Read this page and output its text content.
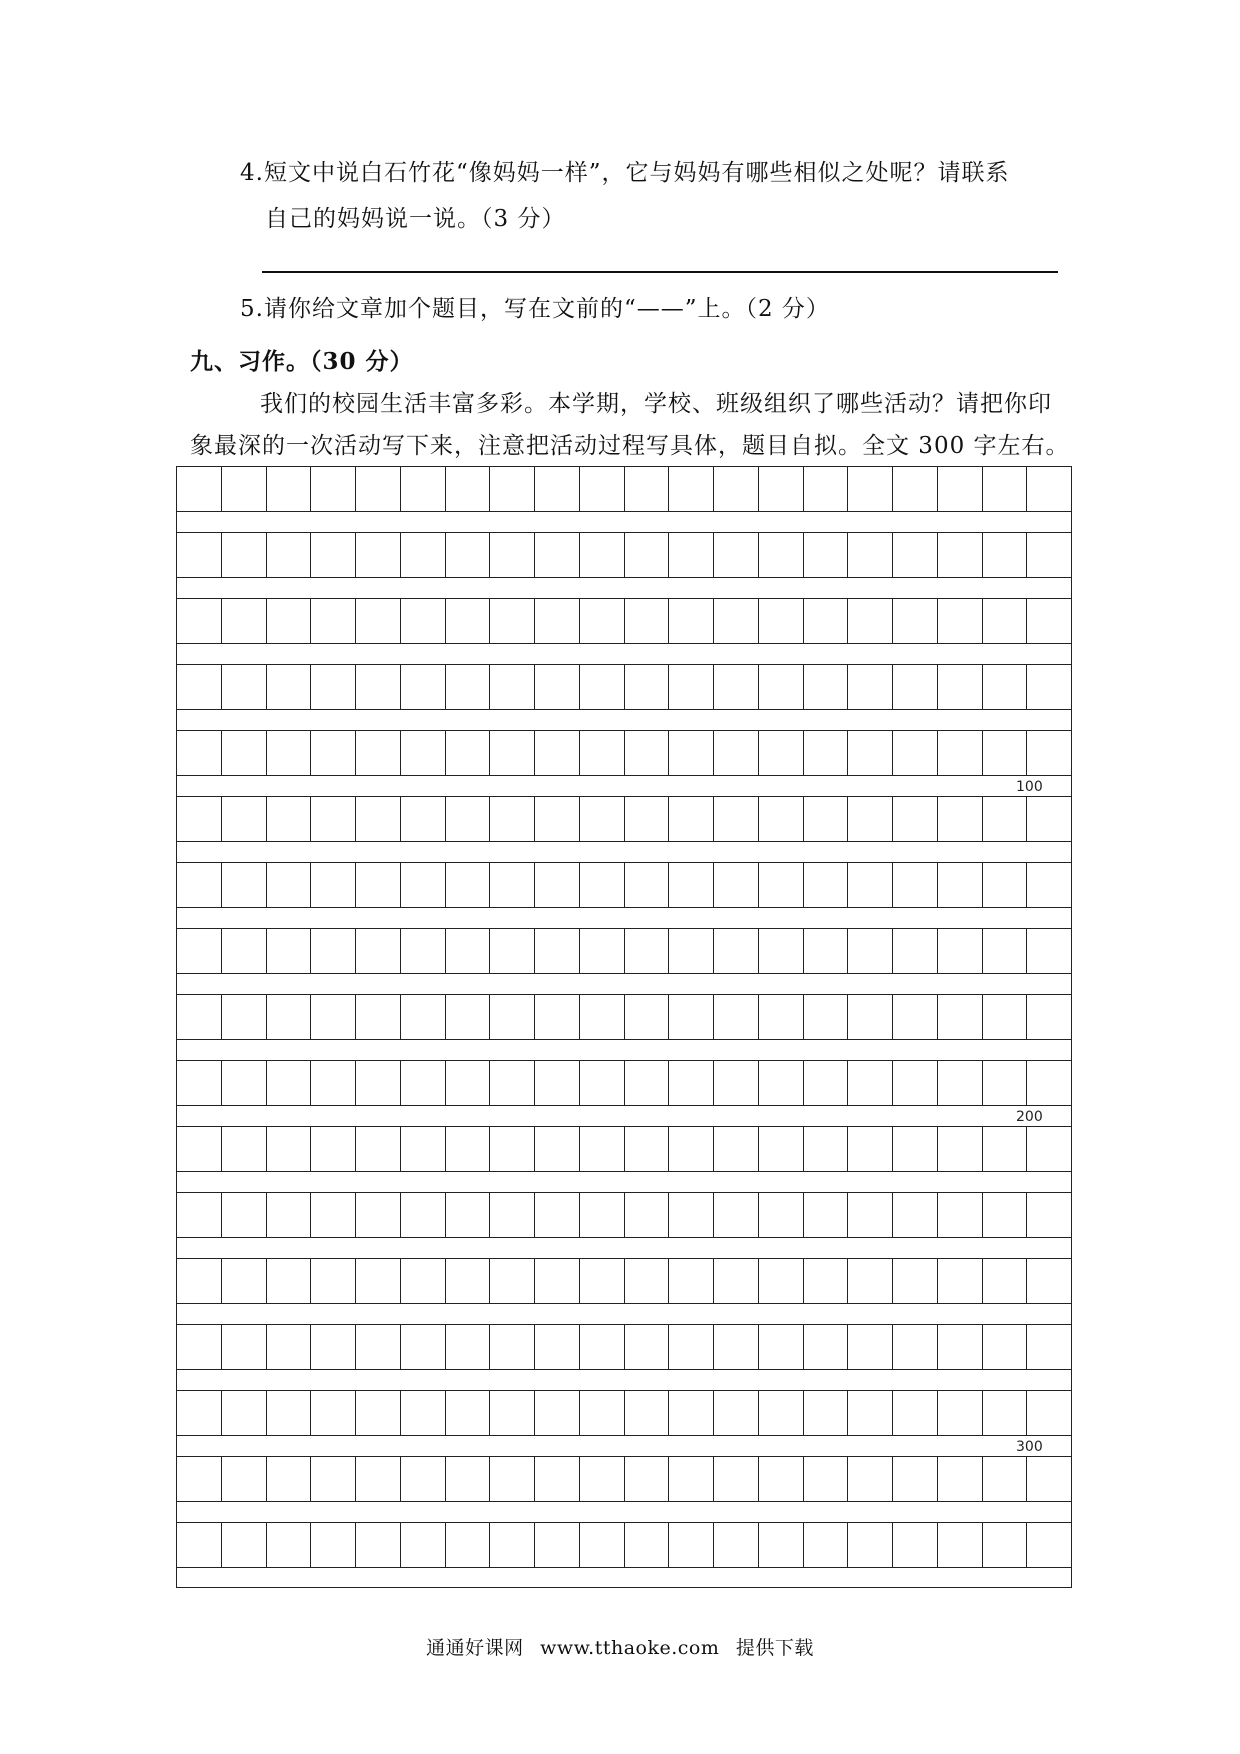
4.短文中说白石竹花“像妈妈一样”，它与妈妈有哪些相似之处呢？请联系
自己的妈妈说一说。（3 分）
5.请你给文章加个题目，写在文前的“——”上。（2 分）
九、习作。（30 分）
我们的校园生活丰富多彩。本学期，学校、班级组织了哪些活动？请把你印
象最深的一次活动写下来，注意把活动过程写具体，题目自拟。全文 300 字左右。
100
200
300
通通好课网 www.tthaoke.com 提供下载
